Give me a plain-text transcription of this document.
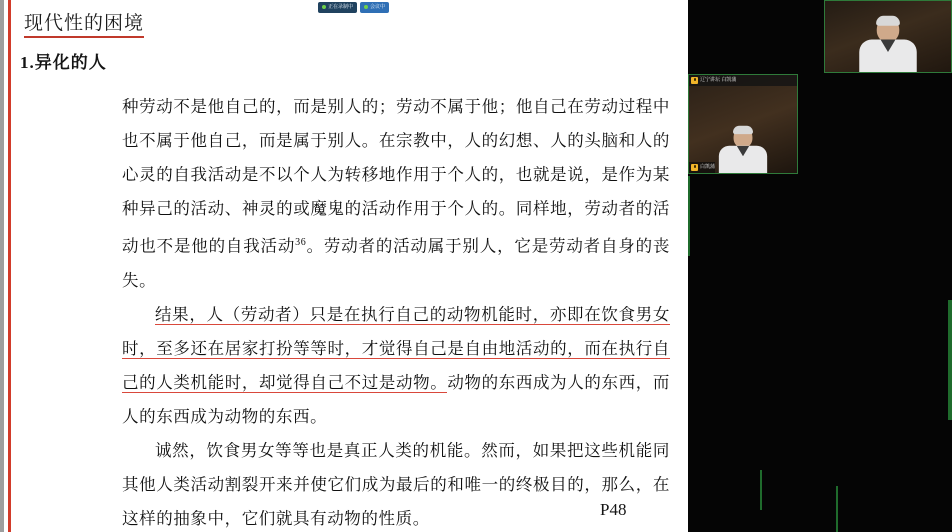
现代性的困境
1.异化的人

种劳动不是他自己的，而是别人的；劳动不属于他；他自己在劳动过程中也不属于他自己，而是属于别人。在宗教中，人的幻想、人的头脑和人的心灵的自我活动是不以个人为转移地作用于个人的，也就是说，是作为某种异己的活动、神灵的或魔鬼的活动作用于个人的。同样地，劳动者的活动也不是他的自我活动$^{36}$。劳动者的活动属于别人，它是劳动者自身的丧失。

结果，人（劳动者）只是在执行自己的动物机能时，亦即在饮食男女时，至多还在居家打扮等等时，才觉得自己是自由地活动的，而在执行自己的人类机能时，却觉得自己不过是动物。动物的东西成为人的东西，而人的东西成为动物的东西。

诚然，饮食男女等等也是真正人类的机能。然而，如果把这些机能同其他人类活动割裂开来并使它们成为最后的和唯一的终极目的，那么，在这样的抽象中，它们就具有动物的性质。	P48
正在录制中	会议中
辽宁讲坛 白凯蒲
白凯蒲
